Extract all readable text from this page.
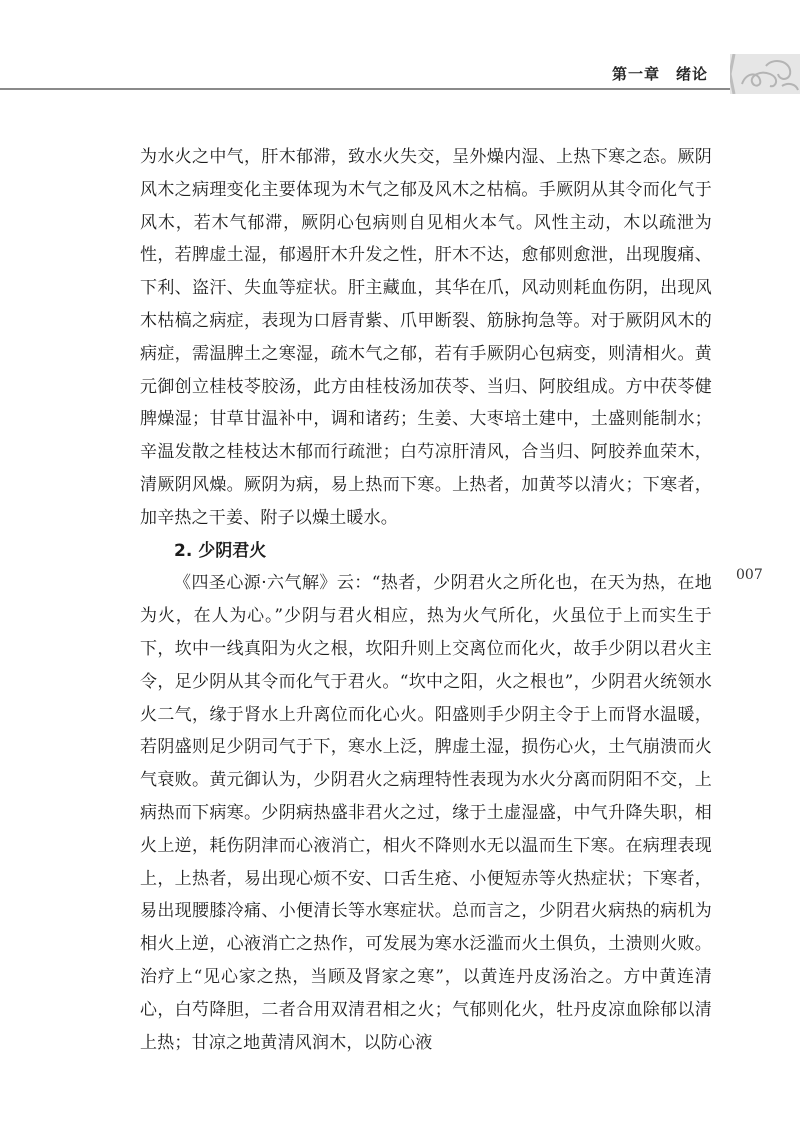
第一章　绪论
007

为水火之中气，肝木郁滞，致水火失交，呈外燥内湿、上热下寒之态。厥阴风木之病理变化主要体现为木气之郁及风木之枯槁。手厥阴从其令而化气于风木，若木气郁滞，厥阴心包病则自见相火本气。风性主动，木以疏泄为性，若脾虚土湿，郁遏肝木升发之性，肝木不达，愈郁则愈泄，出现腹痛、下利、盗汗、失血等症状。肝主藏血，其华在爪，风动则耗血伤阴，出现风木枯槁之病症，表现为口唇青紫、爪甲断裂、筋脉拘急等。对于厥阴风木的病症，需温脾土之寒湿，疏木气之郁，若有手厥阴心包病变，则清相火。黄元御创立桂枝苓胶汤，此方由桂枝汤加茯苓、当归、阿胶组成。方中茯苓健脾燥湿；甘草甘温补中，调和诸药；生姜、大枣培土建中，土盛则能制水；辛温发散之桂枝达木郁而行疏泄；白芍凉肝清风，合当归、阿胶养血荣木，清厥阴风燥。厥阴为病，易上热而下寒。上热者，加黄芩以清火；下寒者，加辛热之干姜、附子以燥土暖水。

2. 少阴君火

《四圣心源·六气解》云：“热者，少阴君火之所化也，在天为热，在地为火，在人为心。”少阴与君火相应，热为火气所化，火虽位于上而实生于下，坎中一线真阳为火之根，坎阳升则上交离位而化火，故手少阴以君火主令，足少阴从其令而化气于君火。“坎中之阳，火之根也”，少阴君火统领水火二气，缘于肾水上升离位而化心火。阳盛则手少阴主令于上而肾水温暖，若阴盛则足少阴司气于下，寒水上泛，脾虚土湿，损伤心火，土气崩溃而火气衰败。黄元御认为，少阴君火之病理特性表现为水火分离而阴阳不交，上病热而下病寒。少阴病热盛非君火之过，缘于土虚湿盛，中气升降失职，相火上逆，耗伤阴津而心液消亡，相火不降则水无以温而生下寒。在病理表现上，上热者，易出现心烦不安、口舌生疮、小便短赤等火热症状；下寒者，易出现腰膝冷痛、小便清长等水寒症状。总而言之，少阴君火病热的病机为相火上逆，心液消亡之热作，可发展为寒水泛滥而火土俱负，土溃则火败。治疗上“见心家之热，当顾及肾家之寒”，以黄连丹皮汤治之。方中黄连清心，白芍降胆，二者合用双清君相之火；气郁则化火，牡丹皮凉血除郁以清上热；甘凉之地黄清风润木，以防心液
